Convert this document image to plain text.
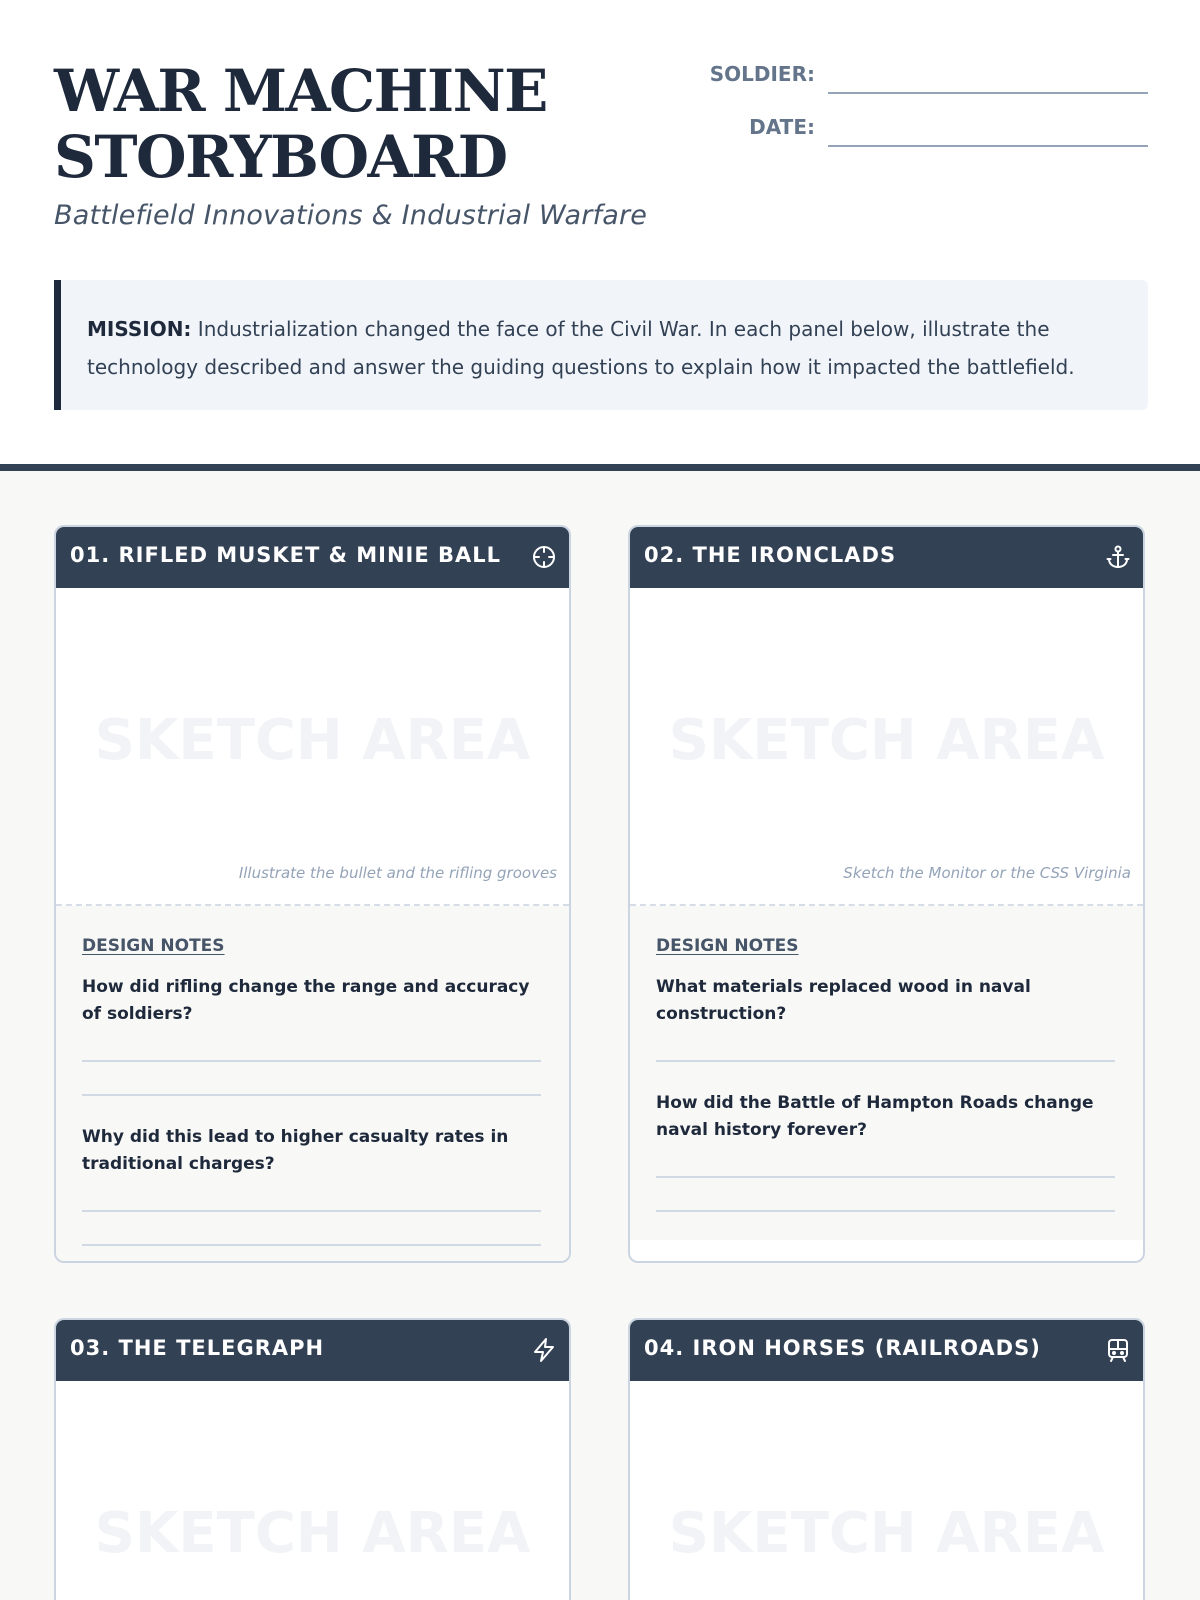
WAR MACHINE
STORYBOARD
Battlefield Innovations & Industrial Warfare
SOLDIER:
DATE:
MISSION: Industrialization changed the face of the Civil War. In each panel below, illustrate the technology described and answer the guiding questions to explain how it impacted the battlefield.
01. RIFLED MUSKET & MINIE BALL
SKETCH AREA
Illustrate the bullet and the rifling grooves
DESIGN NOTES
How did rifling change the range and accuracy of soldiers?
Why did this lead to higher casualty rates in traditional charges?
02. THE IRONCLADS
SKETCH AREA
Sketch the Monitor or the CSS Virginia
DESIGN NOTES
What materials replaced wood in naval construction?
How did the Battle of Hampton Roads change naval history forever?
03. THE TELEGRAPH
SKETCH AREA
04. IRON HORSES (RAILROADS)
SKETCH AREA
